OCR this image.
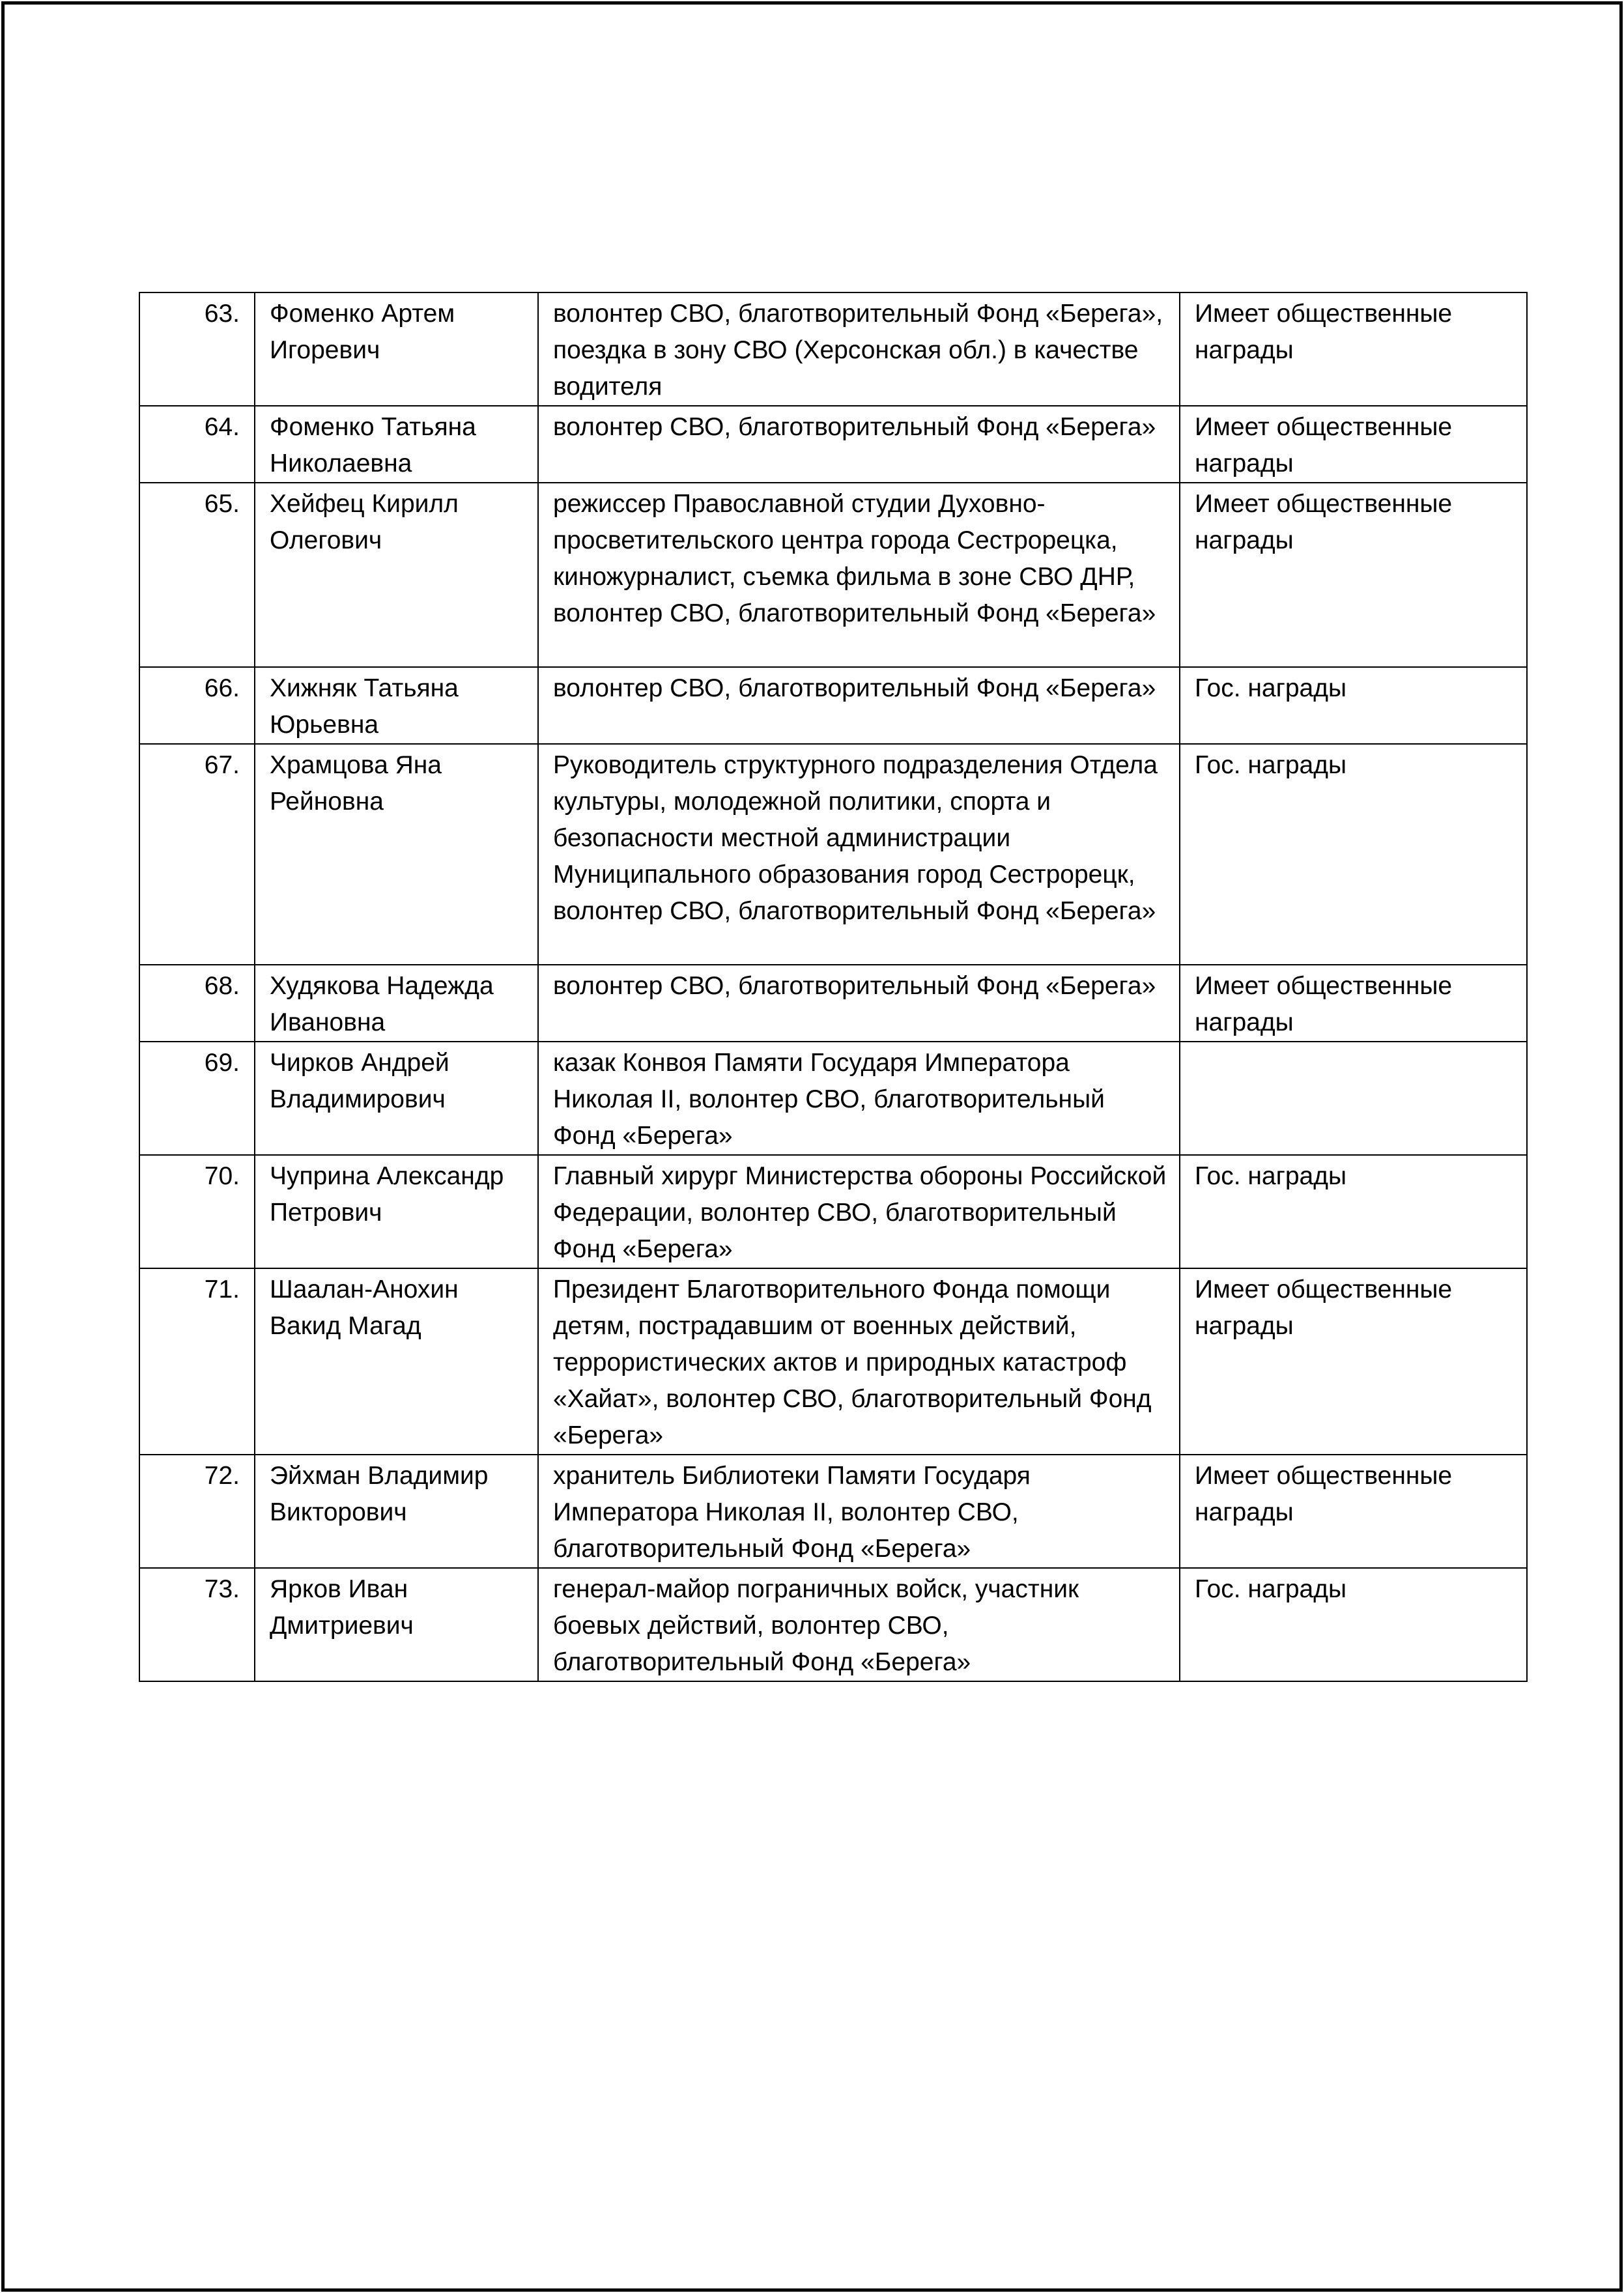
63.	Фоменко Артем Игоревич	волонтер СВО, благотворительный Фонд «Берега», поездка в зону СВО (Херсонская обл.) в качестве водителя	Имеет общественные награды
64.	Фоменко Татьяна Николаевна	волонтер СВО, благотворительный Фонд «Берега»	Имеет общественные награды
65.	Хейфец Кирилл Олегович	режиссер Православной студии Духовно-просветительского центра города Сестрорецка, киножурналист, съемка фильма в зоне СВО ДНР, волонтер СВО, благотворительный Фонд «Берега»	Имеет общественные награды
66.	Хижняк Татьяна Юрьевна	волонтер СВО, благотворительный Фонд «Берега»	Гос. награды
67.	Храмцова Яна Рейновна	Руководитель структурного подразделения Отдела культуры, молодежной политики, спорта и безопасности местной администрации Муниципального образования город Сестрорецк, волонтер СВО, благотворительный Фонд «Берега»	Гос. награды
68.	Худякова Надежда Ивановна	волонтер СВО, благотворительный Фонд «Берега»	Имеет общественные награды
69.	Чирков Андрей Владимирович	казак Конвоя Памяти Государя Императора Николая II, волонтер СВО, благотворительный Фонд «Берега»	
70.	Чуприна Александр Петрович	Главный хирург Министерства обороны Российской Федерации, волонтер СВО, благотворительный Фонд «Берега»	Гос. награды
71.	Шаалан-Анохин Вакид Магад	Президент Благотворительного Фонда помощи детям, пострадавшим от военных действий, террористических актов и природных катастроф «Хайат», волонтер СВО, благотворительный Фонд «Берега»	Имеет общественные награды
72.	Эйхман Владимир Викторович	хранитель Библиотеки Памяти Государя Императора Николая II, волонтер СВО, благотворительный Фонд «Берега»	Имеет общественные награды
73.	Ярков Иван Дмитриевич	генерал-майор пограничных войск, участник боевых действий, волонтер СВО, благотворительный Фонд «Берега»	Гос. награды
